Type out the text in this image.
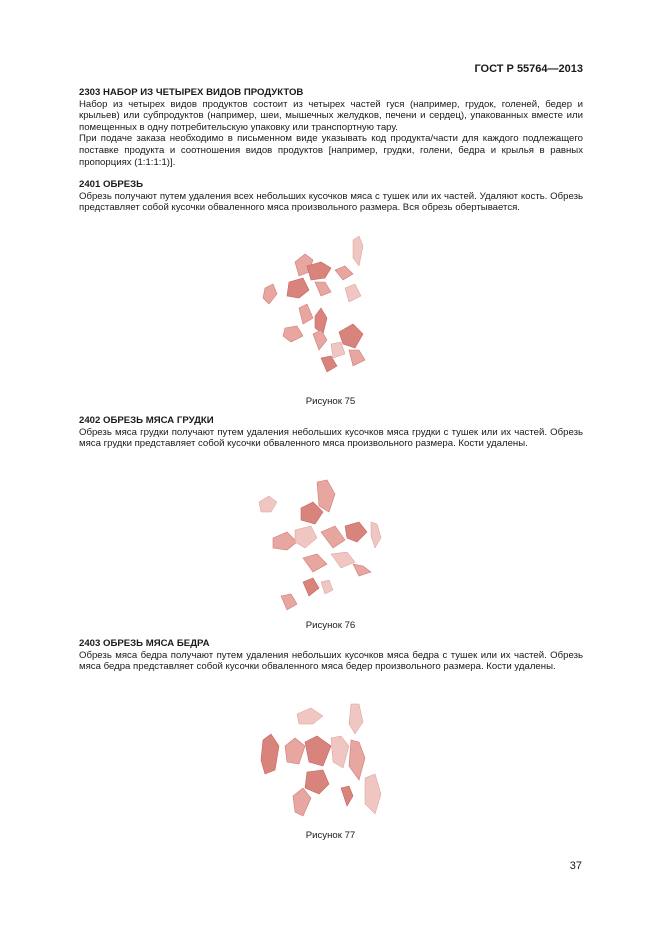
ГОСТ Р 55764—2013
2303 НАБОР ИЗ ЧЕТЫРЕХ ВИДОВ ПРОДУКТОВ

Набор из четырех видов продуктов состоит из четырех частей гуся (например, грудок, голеней, бедер и крыльев) или субпродуктов (например, шеи, мышечных желудков, печени и сердец), упакованных вместе или помещенных в одну потребительскую упаковку или транспортную тару.

При подаче заказа необходимо в письменном виде указывать код продукта/части для каждого подлежащего поставке продукта и соотношения видов продуктов [например, грудки, голени, бедра и крылья в равных пропорциях (1:1:1:1)].

2401 ОБРЕЗЬ

Обрезь получают путем удаления всех небольших кусочков мяса с тушек или их частей. Удаляют кость. Обрезь представляет собой кусочки обваленного мяса произвольного размера. Вся обрезь обертывается.

Рисунок 75
2402 ОБРЕЗЬ МЯСА ГРУДКИ

Обрезь мяса грудки получают путем удаления небольших кусочков мяса грудки с тушек или их частей. Обрезь мяса грудки представляет собой кусочки обваленного мяса произвольного размера. Кости удалены.

Рисунок 76
2403 ОБРЕЗЬ МЯСА БЕДРА

Обрезь мяса бедра получают путем удаления небольших кусочков мяса бедра с тушек или их частей. Обрезь мяса бедра представляет собой кусочки обваленного мяса бедер произвольного размера. Кости удалены.

Рисунок 77
37
